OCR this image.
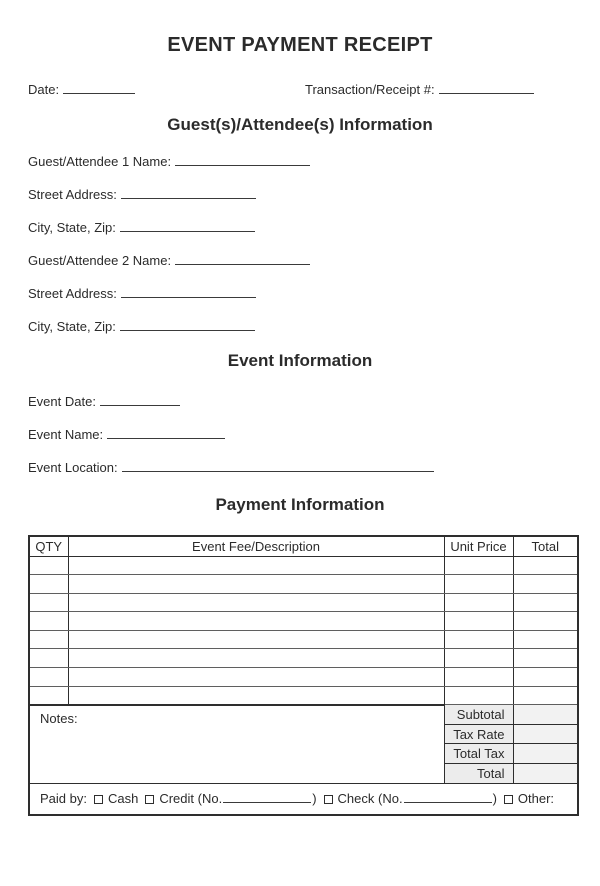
EVENT PAYMENT RECEIPT
Date:	Transaction/Receipt #:
Guest(s)/Attendee(s) Information
Guest/Attendee 1 Name:
Street Address:
City, State, Zip:
Guest/Attendee 2 Name:
Street Address:
City, State, Zip:
Event Information
Event Date:
Event Name:
Event Location:
Payment Information
QTY	Event Fee/Description	Unit Price	Total

Notes:		Subtotal	
		Tax Rate	
		Total Tax	
		Total	
Paid by: Cash Credit (No. ) Check (No. ) Other:			
